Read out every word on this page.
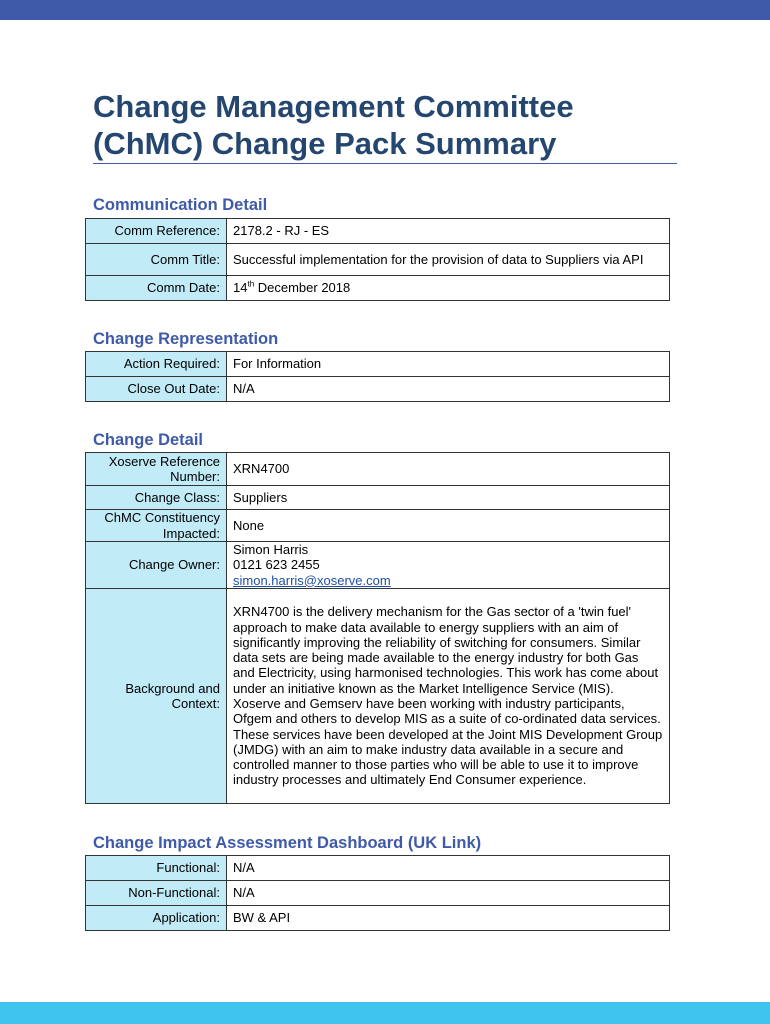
Change Management Committee
(ChMC) Change Pack Summary
Communication Detail
Comm Reference:	2178.2 - RJ - ES
Comm Title:	Successful implementation for the provision of data to Suppliers via API
Comm Date:	14th December 2018
Change Representation
Action Required:	For Information
Close Out Date:	N/A
Change Detail
Xoserve Reference Number:	XRN4700
Change Class:	Suppliers
ChMC Constituency Impacted:	None
Change Owner:	Simon Harris
0121 623 2455
simon.harris@xoserve.com

Background and Context:	XRN4700 is the delivery mechanism for the Gas sector of a 'twin fuel' approach to make data available to energy suppliers with an aim of significantly improving the reliability of switching for consumers. Similar data sets are being made available to the energy industry for both Gas and Electricity, using harmonised technologies. This work has come about under an initiative known as the Market Intelligence Service (MIS). Xoserve and Gemserv have been working with industry participants, Ofgem and others to develop MIS as a suite of co-ordinated data services. These services have been developed at the Joint MIS Development Group (JMDG) with an aim to make industry data available in a secure and controlled manner to those parties who will be able to use it to improve industry processes and ultimately End Consumer experience.
Change Impact Assessment Dashboard (UK Link)
Functional:	N/A
Non-Functional:	N/A
Application:	BW & API
